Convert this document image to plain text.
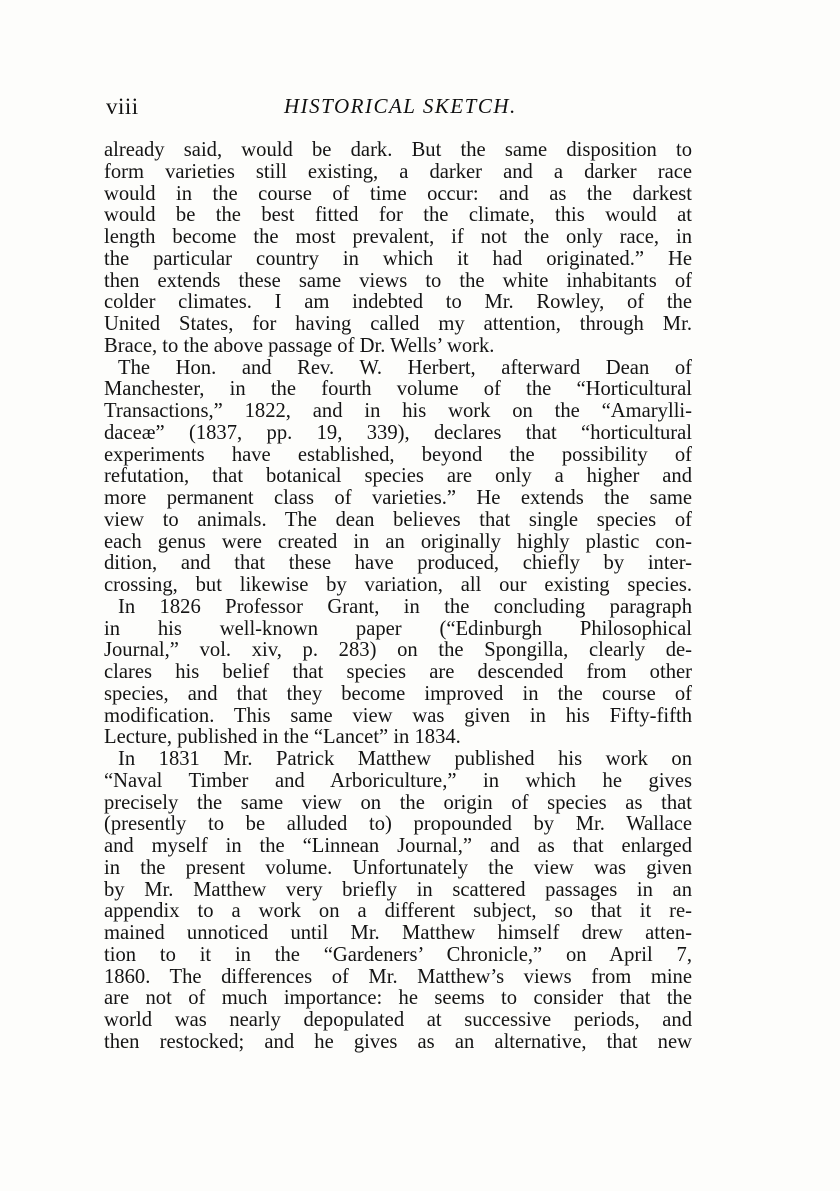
viii	HISTORICAL SKETCH.
already said, would be dark. But the same disposition to
form varieties still existing, a darker and a darker race
would in the course of time occur: and as the darkest
would be the best fitted for the climate, this would at
length become the most prevalent, if not the only race, in
the particular country in which it had originated.” He
then extends these same views to the white inhabitants of
colder climates. I am indebted to Mr. Rowley, of the
United States, for having called my attention, through Mr.
Brace, to the above passage of Dr. Wells’ work.
The Hon. and Rev. W. Herbert, afterward Dean of
Manchester, in the fourth volume of the “Horticultural
Transactions,” 1822, and in his work on the “Amarylli-
daceæ” (1837, pp. 19, 339), declares that “horticultural
experiments have established, beyond the possibility of
refutation, that botanical species are only a higher and
more permanent class of varieties.” He extends the same
view to animals. The dean believes that single species of
each genus were created in an originally highly plastic con-
dition, and that these have produced, chiefly by inter-
crossing, but likewise by variation, all our existing species.
In 1826 Professor Grant, in the concluding paragraph
in his well-known paper (“Edinburgh Philosophical
Journal,” vol. xiv, p. 283) on the Spongilla, clearly de-
clares his belief that species are descended from other
species, and that they become improved in the course of
modification. This same view was given in his Fifty-fifth
Lecture, published in the “Lancet” in 1834.
In 1831 Mr. Patrick Matthew published his work on
“Naval Timber and Arboriculture,” in which he gives
precisely the same view on the origin of species as that
(presently to be alluded to) propounded by Mr. Wallace
and myself in the “Linnean Journal,” and as that enlarged
in the present volume. Unfortunately the view was given
by Mr. Matthew very briefly in scattered passages in an
appendix to a work on a different subject, so that it re-
mained unnoticed until Mr. Matthew himself drew atten-
tion to it in the “Gardeners’ Chronicle,” on April 7,
1860. The differences of Mr. Matthew’s views from mine
are not of much importance: he seems to consider that the
world was nearly depopulated at successive periods, and
then restocked; and he gives as an alternative, that new
